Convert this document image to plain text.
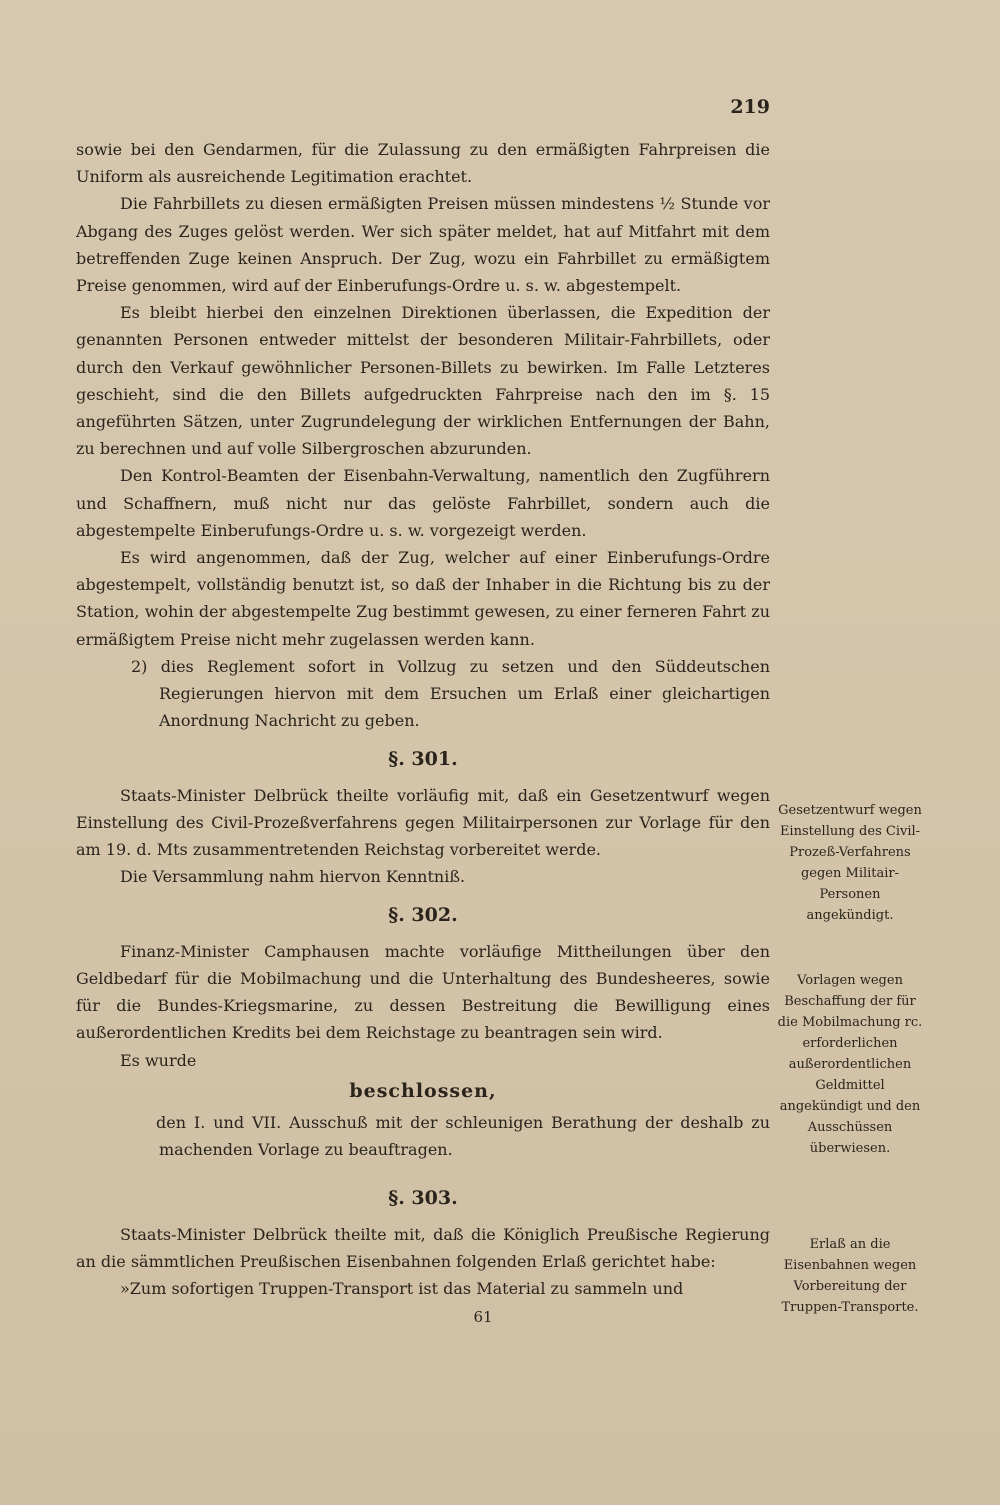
219

sowie bei den Gendarmen, für die Zulassung zu den ermäßigten Fahrpreisen die Uniform als ausreichende Legitimation erachtet.

Die Fahrbillets zu diesen ermäßigten Preisen müssen mindestens ½ Stunde vor Abgang des Zuges gelöst werden. Wer sich später meldet, hat auf Mitfahrt mit dem betreffenden Zuge keinen Anspruch. Der Zug, wozu ein Fahrbillet zu ermäßigtem Preise genommen, wird auf der Einberufungs-Ordre u. s. w. abgestempelt.

Es bleibt hierbei den einzelnen Direktionen überlassen, die Expedition der genannten Personen entweder mittelst der besonderen Militair-Fahrbillets, oder durch den Verkauf gewöhnlicher Personen-Billets zu bewirken. Im Falle Letzteres geschieht, sind die den Billets aufgedruckten Fahrpreise nach den im §. 15 angeführten Sätzen, unter Zugrundelegung der wirklichen Entfernungen der Bahn, zu berechnen und auf volle Silbergroschen abzurunden.

Den Kontrol-Beamten der Eisenbahn-Verwaltung, namentlich den Zugführern und Schaffnern, muß nicht nur das gelöste Fahrbillet, sondern auch die abgestempelte Einberufungs-Ordre u. s. w. vorgezeigt werden.

Es wird angenommen, daß der Zug, welcher auf einer Einberufungs-Ordre abgestempelt, vollständig benutzt ist, so daß der Inhaber in die Richtung bis zu der Station, wohin der abgestempelte Zug bestimmt gewesen, zu einer ferneren Fahrt zu ermäßigtem Preise nicht mehr zugelassen werden kann.

2) dies Reglement sofort in Vollzug zu setzen und den Süddeutschen Regierungen hiervon mit dem Ersuchen um Erlaß einer gleichartigen Anordnung Nachricht zu geben.

§. 301.

Staats-Minister Delbrück theilte vorläufig mit, daß ein Gesetzentwurf wegen Einstellung des Civil-Prozeßverfahrens gegen Militairpersonen zur Vorlage für den am 19. d. Mts zusammentretenden Reichstag vorbereitet werde.

Die Versammlung nahm hiervon Kenntniß.

§. 302.

Finanz-Minister Camphausen machte vorläufige Mittheilungen über den Geldbedarf für die Mobilmachung und die Unterhaltung des Bundesheeres, sowie für die Bundes-Kriegsmarine, zu dessen Bestreitung die Bewilligung eines außerordentlichen Kredits bei dem Reichstage zu beantragen sein wird.

Es wurde

beschlossen,

den I. und VII. Ausschuß mit der schleunigen Berathung der deshalb zu machenden Vorlage zu beauftragen.

§. 303.

Staats-Minister Delbrück theilte mit, daß die Königlich Preußische Regierung an die sämmtlichen Preußischen Eisenbahnen folgenden Erlaß gerichtet habe:

»Zum sofortigen Truppen-Transport ist das Material zu sammeln und

61
Gesetzentwurf wegen Einstellung des Civil-Prozeß-Verfahrens gegen Militair-Personen angekündigt.
Vorlagen wegen Beschaffung der für die Mobilmachung rc. erforderlichen außerordentlichen Geldmittel angekündigt und den Ausschüssen überwiesen.
Erlaß an die Eisenbahnen wegen Vorbereitung der Truppen-Transporte.
